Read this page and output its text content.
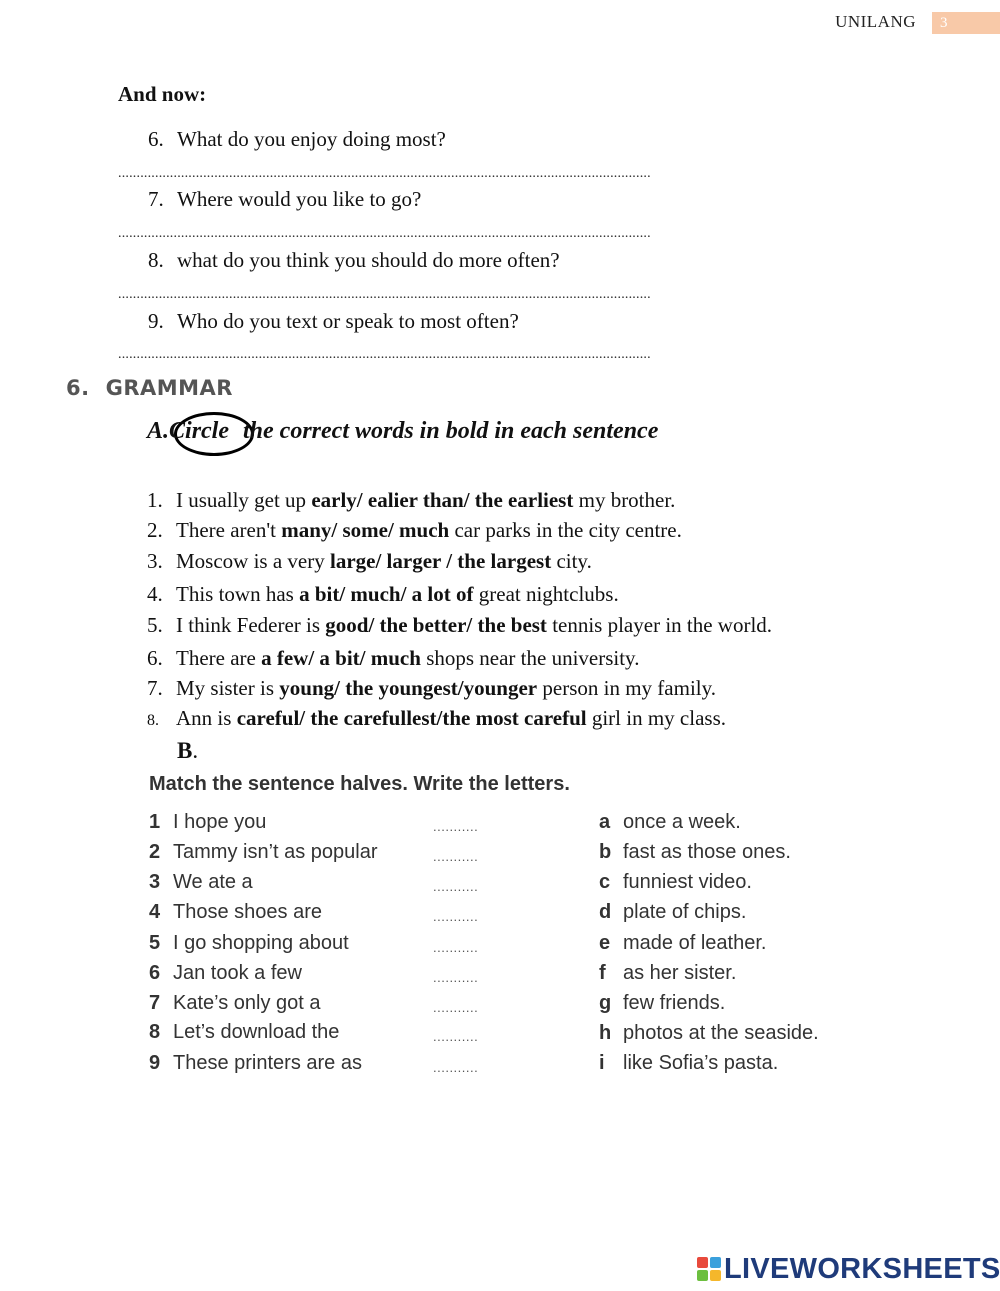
UNILANG	3
And now:
6. What do you enjoy doing most?
................................................................................................................................................
7. Where would you like to go?
................................................................................................................................................
8. what do you think you should do more often?
................................................................................................................................................
9. Who do you text or speak to most often?
................................................................................................................................................
6. GRAMMAR
A.Circle the correct words in bold in each sentence
1. I usually get up early/ ealier than/ the earliest my brother.
2. There aren't many/ some/ much car parks in the city centre.
3. Moscow is a very large/ larger / the largest city.
4. This town has a bit/ much/ a lot of great nightclubs.
5. I think Federer is good/ the better/ the best tennis player in the world.
6. There are a few/ a bit/ much shops near the university.
7. My sister is young/ the youngest/younger person in my family.
8. Ann is careful/ the carefullest/the most careful girl in my class.
B.
Match the sentence halves. Write the letters.
1 I hope you
2 Tammy isn’t as popular
3 We ate a
4 Those shoes are
5 I go shopping about
6 Jan took a few
7 Kate’s only got a
8 Let’s download the
9 These printers are as
...........
...........
...........
...........
...........
...........
...........
...........
...........
a once a week.
b fast as those ones.
c funniest video.
d plate of chips.
e made of leather.
f as her sister.
g few friends.
h photos at the seaside.
i like Sofia’s pasta.
LIVEWORKSHEETS
